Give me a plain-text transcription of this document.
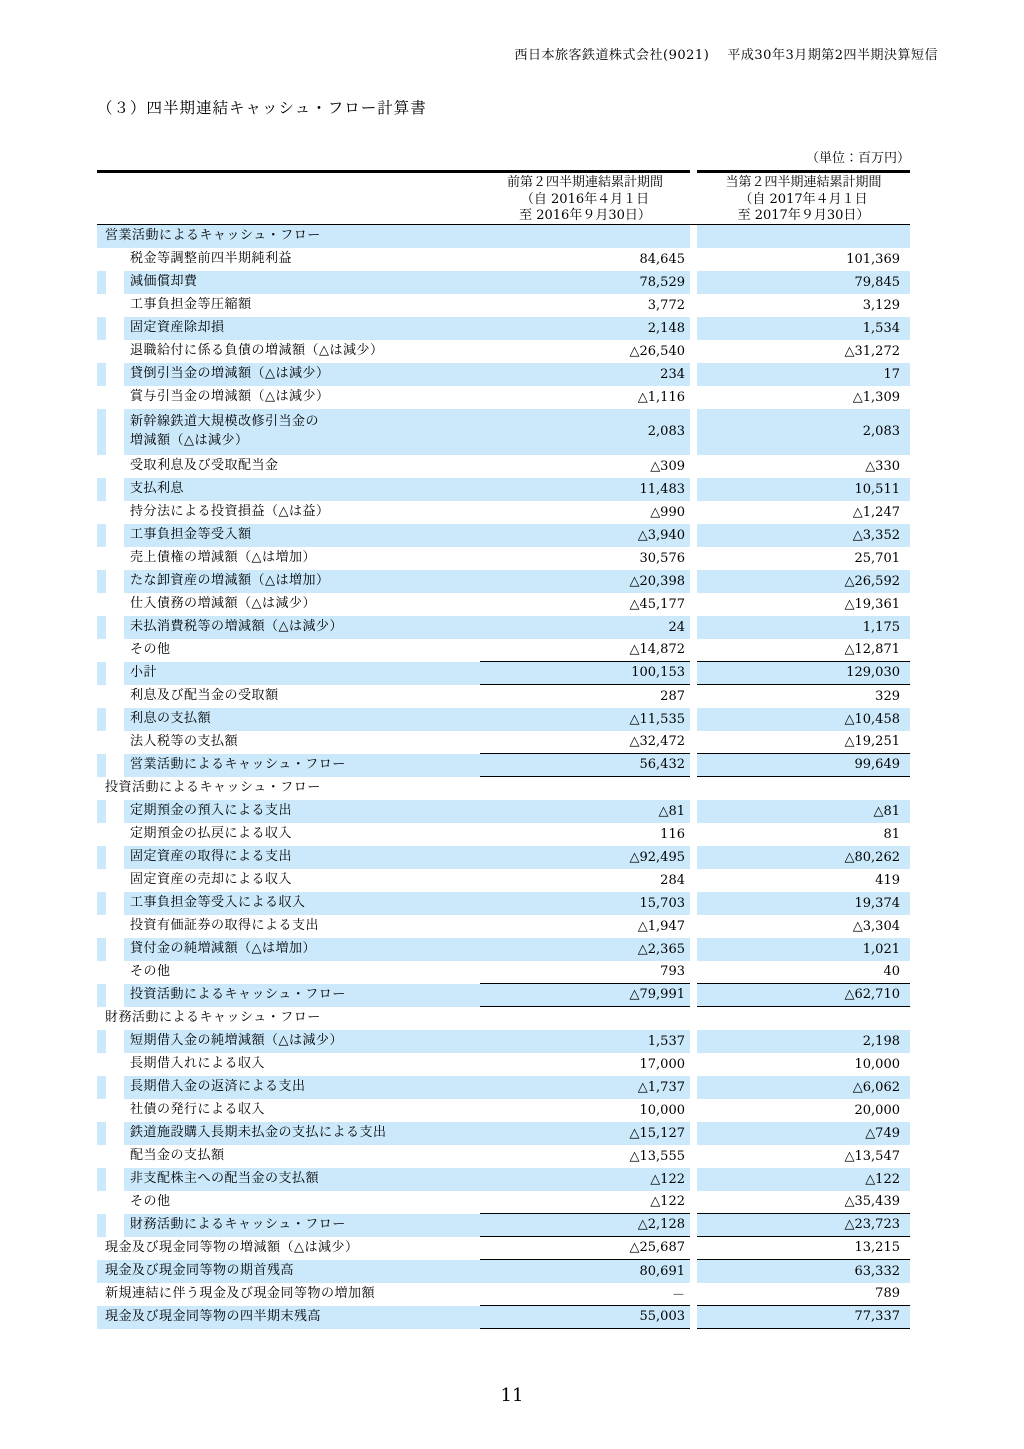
西日本旅客鉄道株式会社(9021)　 平成30年3月期第2四半期決算短信
（３）四半期連結キャッシュ・フロー計算書
（単位：百万円）
前第２四半期連結累計期間
（自 2016年４月１日
至 2016年９月30日）
当第２四半期連結累計期間
（自 2017年４月１日
至 2017年９月30日）
営業活動によるキャッシュ・フロー
税金等調整前四半期純利益	84,645	101,369
減価償却費	78,529	79,845
工事負担金等圧縮額	3,772	3,129
固定資産除却損	2,148	1,534
退職給付に係る負債の増減額（△は減少）	△26,540	△31,272
貸倒引当金の増減額（△は減少）	234	17
賞与引当金の増減額（△は減少）	△1,116	△1,309
新幹線鉄道大規模改修引当金の
増減額（△は減少）
2,083	2,083
受取利息及び受取配当金	△309	△330
支払利息	11,483	10,511
持分法による投資損益（△は益）	△990	△1,247
工事負担金等受入額	△3,940	△3,352
売上債権の増減額（△は増加）	30,576	25,701
たな卸資産の増減額（△は増加）	△20,398	△26,592
仕入債務の増減額（△は減少）	△45,177	△19,361
未払消費税等の増減額（△は減少）	24	1,175
その他	△14,872	△12,871
小計	100,153	129,030
利息及び配当金の受取額	287	329
利息の支払額	△11,535	△10,458
法人税等の支払額	△32,472	△19,251
営業活動によるキャッシュ・フロー	56,432	99,649
投資活動によるキャッシュ・フロー
定期預金の預入による支出	△81	△81
定期預金の払戻による収入	116	81
固定資産の取得による支出	△92,495	△80,262
固定資産の売却による収入	284	419
工事負担金等受入による収入	15,703	19,374
投資有価証券の取得による支出	△1,947	△3,304
貸付金の純増減額（△は増加）	△2,365	1,021
その他	793	40
投資活動によるキャッシュ・フロー	△79,991	△62,710
財務活動によるキャッシュ・フロー
短期借入金の純増減額（△は減少）	1,537	2,198
長期借入れによる収入	17,000	10,000
長期借入金の返済による支出	△1,737	△6,062
社債の発行による収入	10,000	20,000
鉄道施設購入長期未払金の支払による支出	△15,127	△749
配当金の支払額	△13,555	△13,547
非支配株主への配当金の支払額	△122	△122
その他	△122	△35,439
財務活動によるキャッシュ・フロー	△2,128	△23,723
現金及び現金同等物の増減額（△は減少）	△25,687	13,215
現金及び現金同等物の期首残高	80,691	63,332
新規連結に伴う現金及び現金同等物の増加額	－	789
現金及び現金同等物の四半期末残高	55,003	77,337
11
